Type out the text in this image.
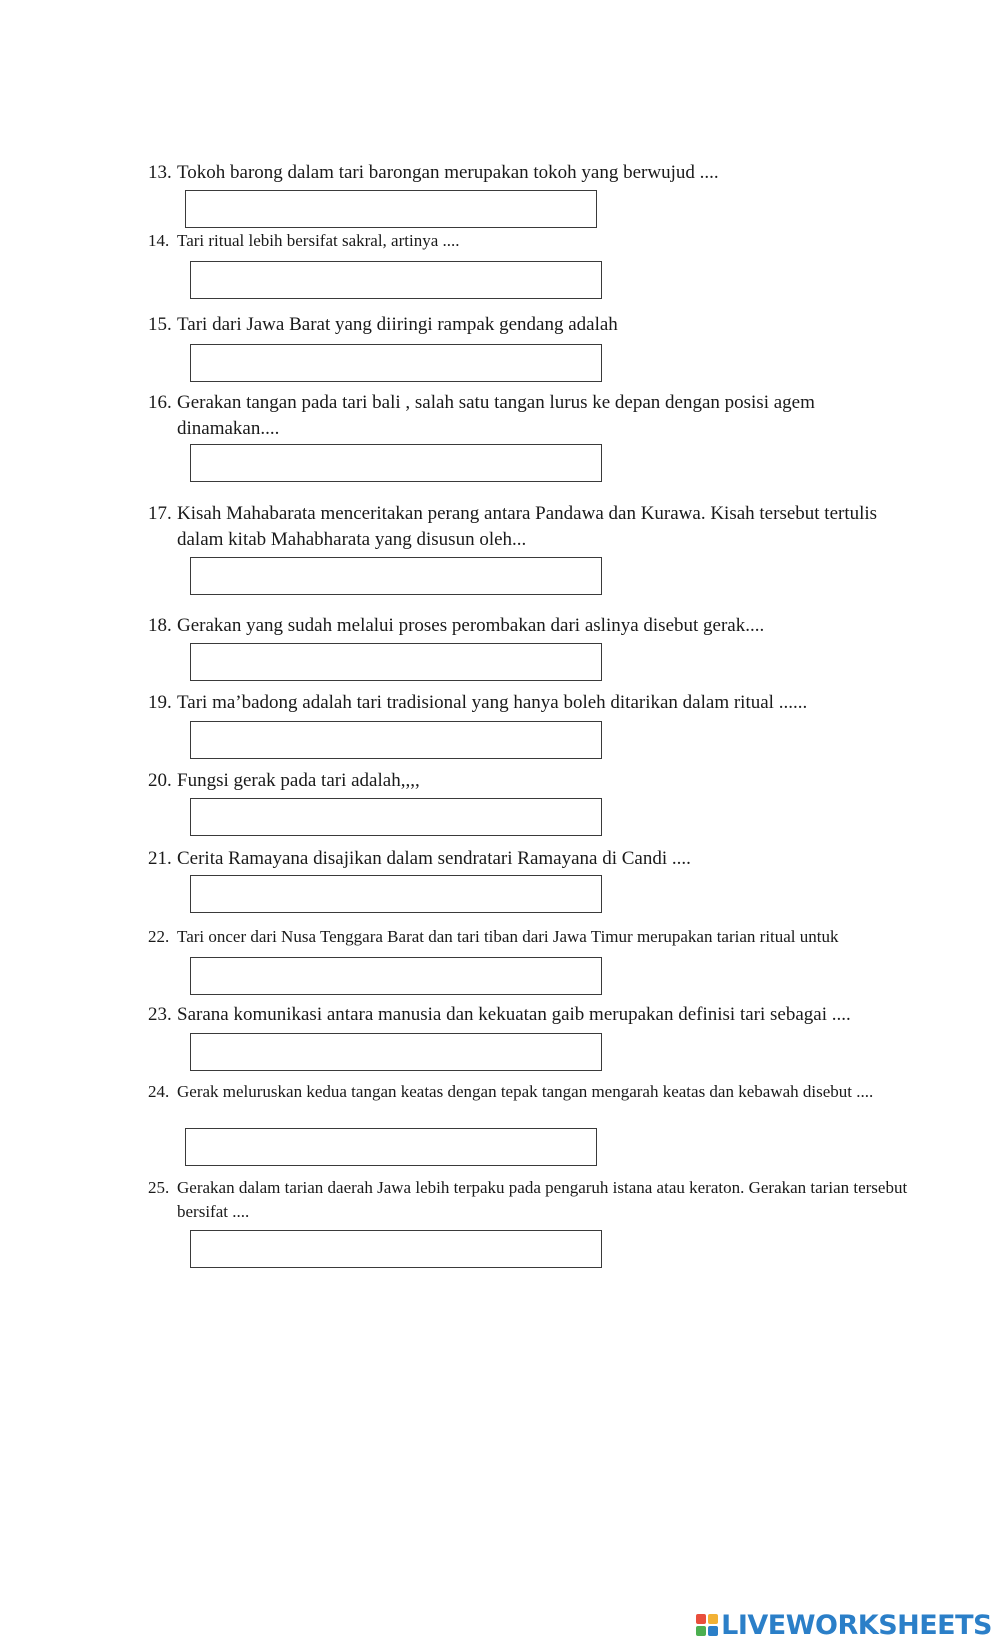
13. Tokoh barong dalam tari barongan merupakan tokoh yang berwujud ....
14. Tari ritual lebih bersifat sakral, artinya ....
15. Tari dari Jawa Barat yang diiringi rampak gendang adalah
16. Gerakan tangan pada tari bali , salah satu tangan lurus ke depan dengan posisi agem dinamakan....
17. Kisah Mahabarata menceritakan perang antara Pandawa dan Kurawa. Kisah tersebut tertulis dalam kitab Mahabharata yang disusun oleh...
18. Gerakan yang sudah melalui proses perombakan dari aslinya disebut gerak....
19. Tari ma’badong adalah tari tradisional yang hanya boleh ditarikan dalam ritual ......
20. Fungsi gerak pada tari adalah,,,,
21. Cerita Ramayana disajikan dalam sendratari Ramayana di Candi ....
22. Tari oncer dari Nusa Tenggara Barat dan tari tiban dari Jawa Timur merupakan tarian ritual untuk
23. Sarana komunikasi antara manusia dan kekuatan gaib merupakan definisi tari sebagai ....
24. Gerak meluruskan kedua tangan keatas dengan tepak tangan mengarah keatas dan kebawah disebut ....
25. Gerakan dalam tarian daerah Jawa lebih terpaku pada pengaruh istana atau keraton. Gerakan tarian tersebut bersifat ....
LIVEWORKSHEETS
